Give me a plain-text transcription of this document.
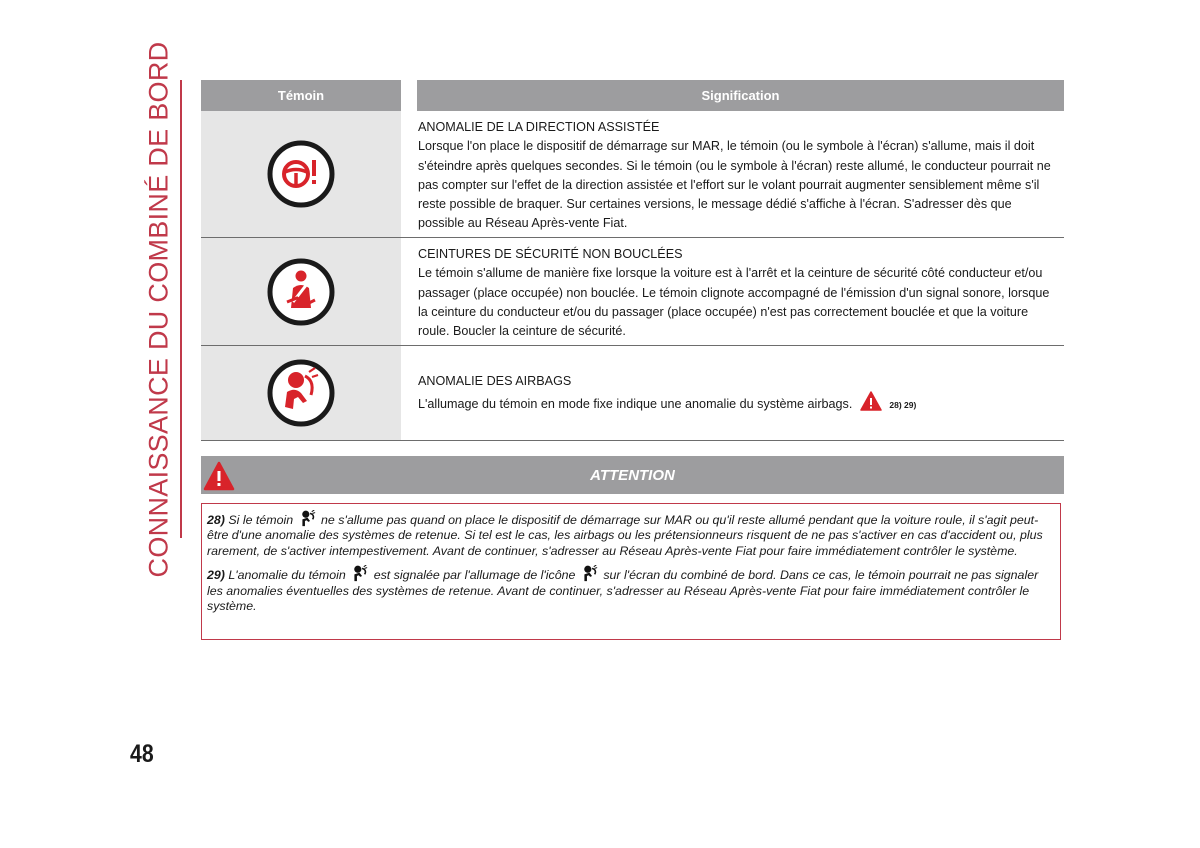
CONNAISSANCE DU COMBINÉ DE BORD	Témoin	Signification
ANOMALIE DE LA DIRECTION ASSISTÉE
Lorsque l'on place le dispositif de démarrage sur MAR, le témoin (ou le symbole à l'écran) s'allume, mais il doit s'éteindre après quelques secondes. Si le témoin (ou le symbole à l'écran) reste allumé, le conducteur pourrait ne pas compter sur l'effet de la direction assistée et l'effort sur le volant pourrait augmenter sensiblement même s'il reste possible de braquer. Sur certaines versions, le message dédié s'affiche à l'écran. S'adresser dès que possible au Réseau Après-vente Fiat.
CEINTURES DE SÉCURITÉ NON BOUCLÉES
Le témoin s'allume de manière fixe lorsque la voiture est à l'arrêt et la ceinture de sécurité côté conducteur et/ou passager (place occupée) non bouclée. Le témoin clignote accompagné de l'émission d'un signal sonore, lorsque la ceinture du conducteur et/ou du passager (place occupée) n'est pas correctement bouclée et que la voiture roule. Boucler la ceinture de sécurité.
ANOMALIE DES AIRBAGS
L'allumage du témoin en mode fixe indique une anomalie du système airbags.	28) 29)
ATTENTION

28) Si le témoin ne s'allume pas quand on place le dispositif de démarrage sur MAR ou qu'il reste allumé pendant que la voiture roule, il s'agit peut-être d'une anomalie des systèmes de retenue. Si tel est le cas, les airbags ou les prétensionneurs risquent de ne pas s'activer en cas d'accident ou, plus rarement, de s'activer intempestivement. Avant de continuer, s'adresser au Réseau Après-vente Fiat pour faire immédiatement contrôler le système.

29) L'anomalie du témoin est signalée par l'allumage de l'icône sur l'écran du combiné de bord. Dans ce cas, le témoin pourrait ne pas signaler les anomalies éventuelles des systèmes de retenue. Avant de continuer, s'adresser au Réseau Après-vente Fiat pour faire immédiatement contrôler le système.

48
